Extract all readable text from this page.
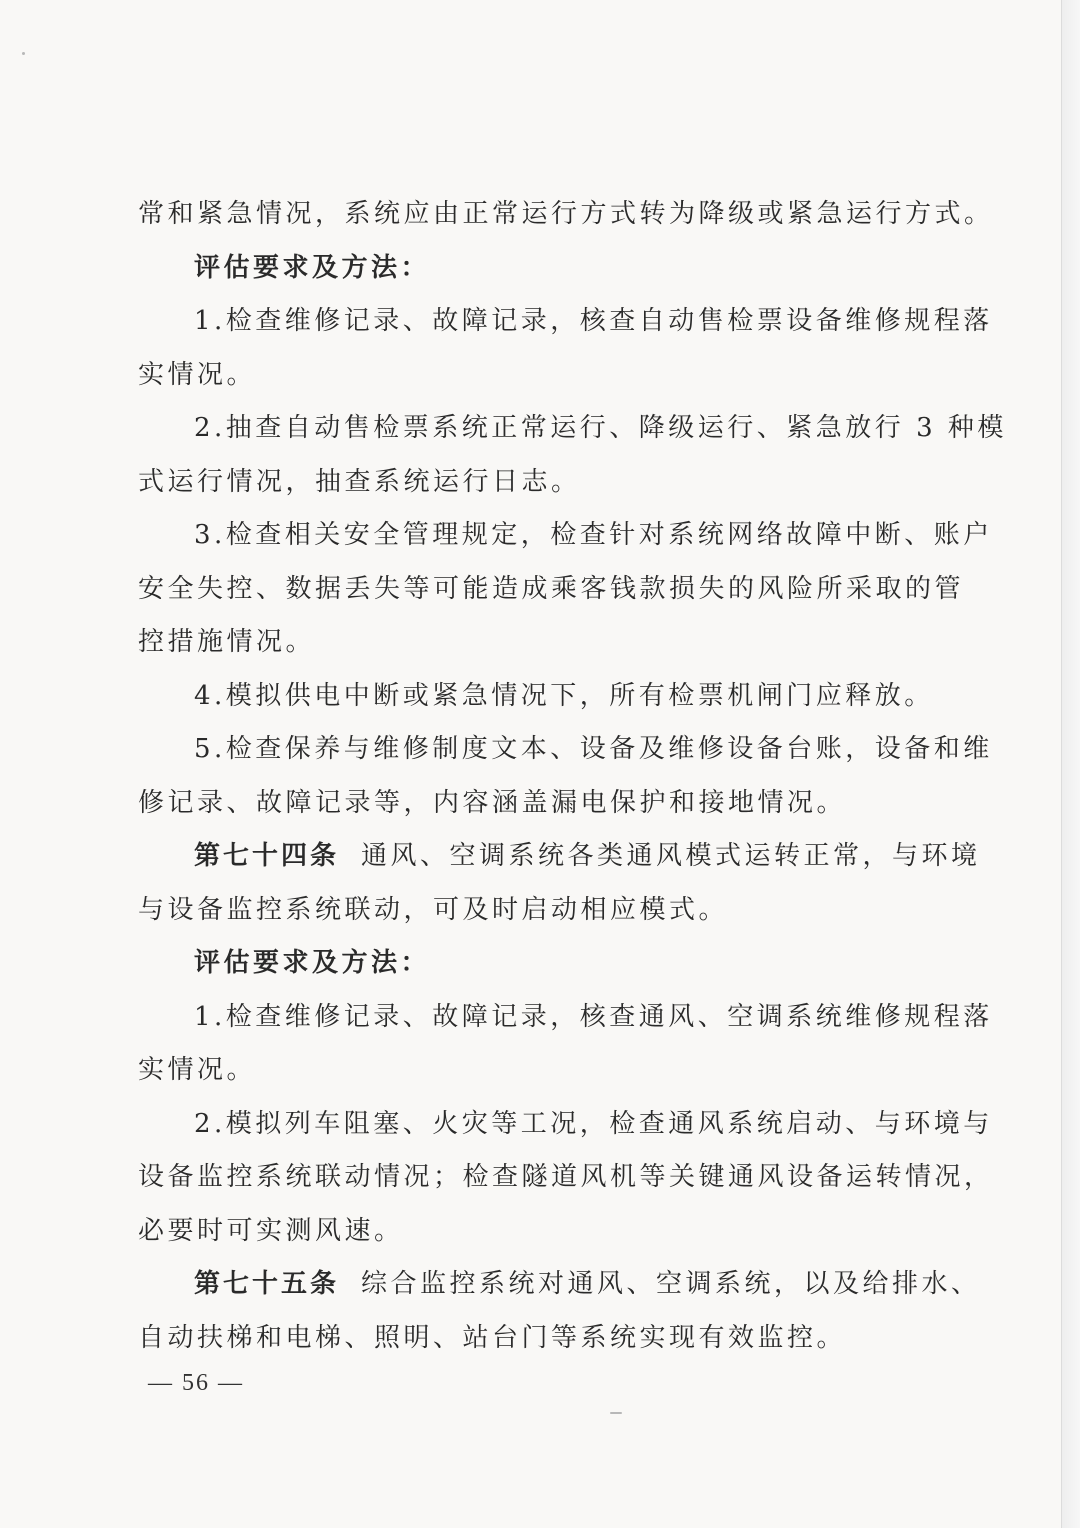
常和紧急情况，系统应由正常运行方式转为降级或紧急运行方式。
评估要求及方法：
1.检查维修记录、故障记录，核查自动售检票设备维修规程落
实情况。
2.抽查自动售检票系统正常运行、降级运行、紧急放行 3 种模
式运行情况，抽查系统运行日志。
3.检查相关安全管理规定，检查针对系统网络故障中断、账户
安全失控、数据丢失等可能造成乘客钱款损失的风险所采取的管
控措施情况。
4.模拟供电中断或紧急情况下，所有检票机闸门应释放。
5.检查保养与维修制度文本、设备及维修设备台账，设备和维
修记录、故障记录等，内容涵盖漏电保护和接地情况。
第七十四条 通风、空调系统各类通风模式运转正常，与环境
与设备监控系统联动，可及时启动相应模式。
评估要求及方法：
1.检查维修记录、故障记录，核查通风、空调系统维修规程落
实情况。
2.模拟列车阻塞、火灾等工况，检查通风系统启动、与环境与
设备监控系统联动情况；检查隧道风机等关键通风设备运转情况，
必要时可实测风速。
第七十五条 综合监控系统对通风、空调系统，以及给排水、
自动扶梯和电梯、照明、站台门等系统实现有效监控。
— 56 —
